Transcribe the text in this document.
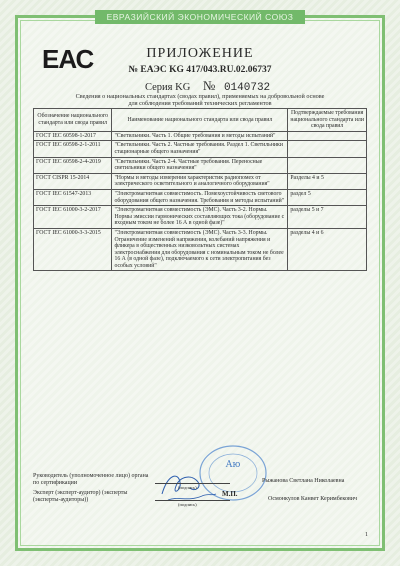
ЕВРАЗИЙСКИЙ ЭКОНОМИЧЕСКИЙ СОЮЗ
ЕАС	ПРИЛОЖЕНИЕ
№ ЕАЭС KG 417/043.RU.02.06737
Серия KG № 0140732
Сведения о национальных стандартах (сводах правил), применяемых на добровольной основе
для соблюдения требований технических регламентов
Обозначение национального стандарта или свода правил	Наименование национального стандарта или свода правил	Подтверждаемые требования национального стандарта или свода правил
ГОСТ IEC 60598-1-2017	"Светильники. Часть 1. Общие требования и методы испытаний"	
ГОСТ IEC 60598-2-1-2011	"Светильники. Часть 2. Частные требования. Раздел 1. Светильники стационарные общего назначения"	
ГОСТ IEC 60598-2-4-2019	"Светильники. Часть 2-4. Частные требования. Переносные светильники общего назначения"	
ГОСТ CISPR 15-2014	"Нормы и методы измерения характеристик радиопомех от электрического осветительного и аналогичного оборудования"	Разделы 4 и 5
ГОСТ IEC 61547-2013	"Электромагнитная совместимость. Помехоустойчивость светового оборудования общего назначения. Требования и методы испытаний"	раздел 5
ГОСТ IEC 61000-3-2-2017	"Электромагнитная совместимость (ЭМС). Часть 3-2. Нормы. Нормы эмиссии гармонических составляющих тока (оборудование с входным током не более 16 А в одной фазе)"	разделы 5 и 7
ГОСТ IEC 61000-3-3-2015	"Электромагнитная совместимость (ЭМС). Часть 3-3. Нормы. Ограничение изменений напряжения, колебаний напряжения и фликера в общественных низковольтных системах электроснабжения для оборудования с номинальным током не более 16 А (в одной фазе), подключаемого к сети электропитания без особых условий"	разделы 4 и 6
Аю
Руководитель (уполномоченное лицо) органа по сертификации
Эксперт (эксперт-аудитор) (эксперты (эксперты-аудиторы))
(подпись)
(подпись)
М.П.
Рыжанова Светлана Николаевна
Осмонкулов Канвет Керимбекович
1
